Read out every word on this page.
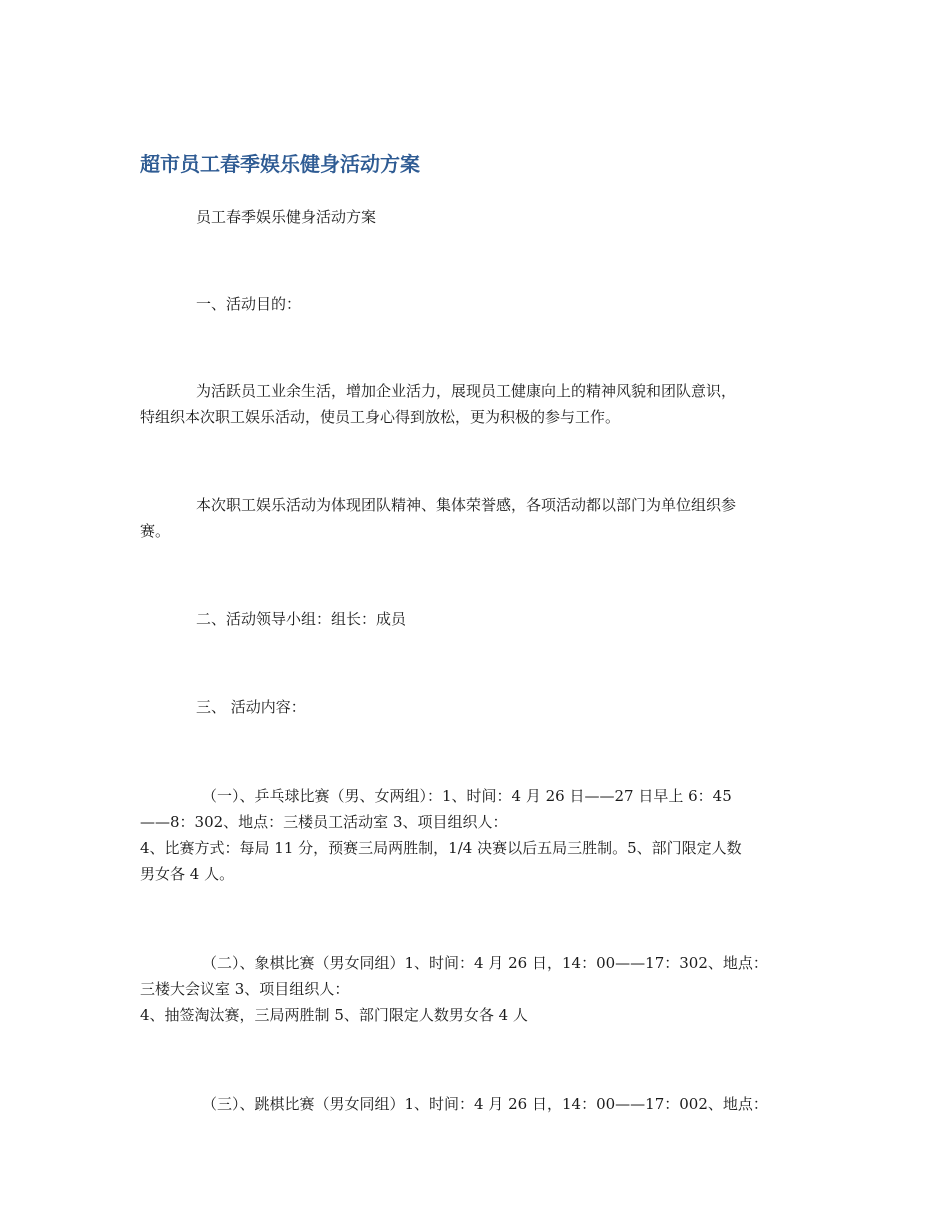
超市员工春季娱乐健身活动方案
员工春季娱乐健身活动方案
一、活动目的：
为活跃员工业余生活，增加企业活力，展现员工健康向上的精神风貌和团队意识，
特组织本次职工娱乐活动，使员工身心得到放松，更为积极的参与工作。
本次职工娱乐活动为体现团队精神、集体荣誉感，各项活动都以部门为单位组织参
赛。
二、活动领导小组：组长：成员
三、 活动内容：
（一）、乒乓球比赛（男、女两组）：1、时间：4 月 26 日——27 日早上 6：45
——8：302、地点：三楼员工活动室 3、项目组织人：
4、比赛方式：每局 11 分，预赛三局两胜制，1/4 决赛以后五局三胜制。5、部门限定人数
男女各 4 人。
（二）、象棋比赛（男女同组）1、时间：4 月 26 日，14：00——17：302、地点：
三楼大会议室 3、项目组织人：
4、抽签淘汰赛，三局两胜制 5、部门限定人数男女各 4 人
（三）、跳棋比赛（男女同组）1、时间：4 月 26 日，14：00——17：002、地点：
